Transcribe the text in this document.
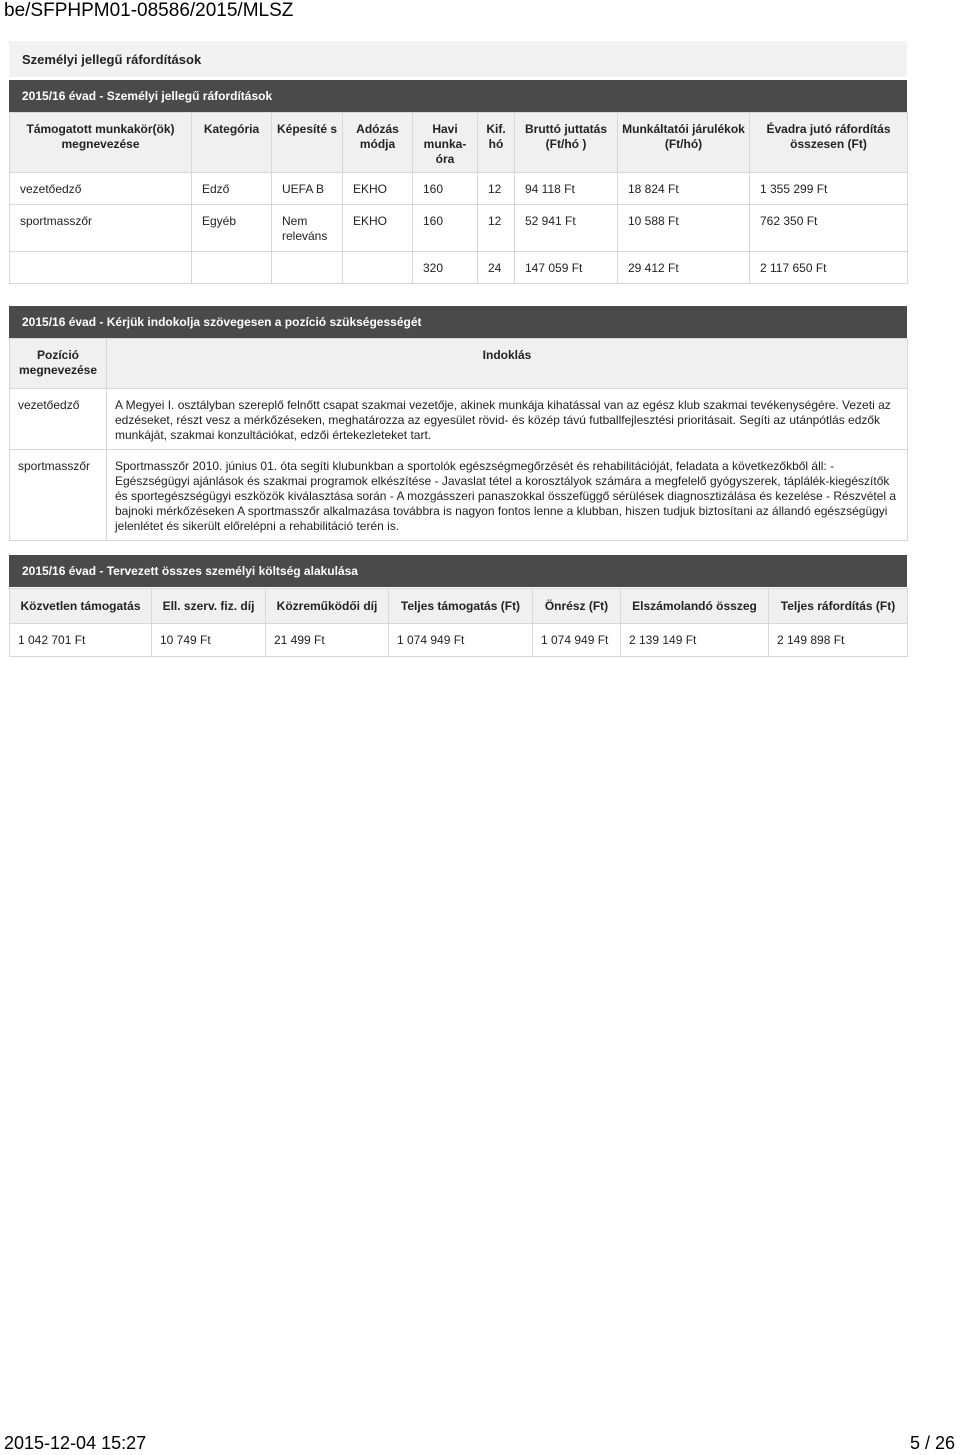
be/SFPHPM01-08586/2015/MLSZ
Személyi jellegű ráfordítások
2015/16 évad - Személyi jellegű ráfordítások
Támogatott munkakör(ök) megnevezése	Kategória	Képesíté s	Adózás módja	Havi munka- óra	Kif. hó	Bruttó juttatás (Ft/hó )	Munkáltatói járulékok (Ft/hó)	Évadra jutó ráfordítás összesen (Ft)
vezetőedző	Edző	UEFA B	EKHO	160	12	94 118 Ft	18 824 Ft	1 355 299 Ft
sportmasszőr	Egyéb	Nem releváns	EKHO	160	12	52 941 Ft	10 588 Ft	762 350 Ft
				320	24	147 059 Ft	29 412 Ft	2 117 650 Ft
2015/16 évad - Kérjük indokolja szövegesen a pozíció szükségességét
Pozíció megnevezése	Indoklás
vezetőedző	A Megyei I. osztályban szereplő felnőtt csapat szakmai vezetője, akinek munkája kihatással van az egész klub szakmai tevékenységére. Vezeti az edzéseket, részt vesz a mérkőzéseken, meghatározza az egyesület rövid- és közép távú futballfejlesztési prioritásait. Segíti az utánpótlás edzők munkáját, szakmai konzultációkat, edzői értekezleteket tart.
sportmasszőr	Sportmasszőr 2010. június 01. óta segíti klubunkban a sportolók egészségmegőrzését és rehabilitációját, feladata a következőkből áll: - Egészségügyi ajánlások és szakmai programok elkészítése - Javaslat tétel a korosztályok számára a megfelelő gyógyszerek, táplálék-kiegészítők és sportegészségügyi eszközök kiválasztása során - A mozgásszeri panaszokkal összefüggő sérülések diagnosztizálása és kezelése - Részvétel a bajnoki mérkőzéseken A sportmasszőr alkalmazása továbbra is nagyon fontos lenne a klubban, hiszen tudjuk biztosítani az állandó egészségügyi jelenlétet és sikerült előrelépni a rehabilitáció terén is.
2015/16 évad - Tervezett összes személyi költség alakulása
Közvetlen támogatás	Ell. szerv. fiz. díj	Közreműködői díj	Teljes támogatás (Ft)	Önrész (Ft)	Elszámolandó összeg	Teljes ráfordítás (Ft)
1 042 701 Ft	10 749 Ft	21 499 Ft	1 074 949 Ft	1 074 949 Ft	2 139 149 Ft	2 149 898 Ft
2015-12-04 15:27	5 / 26
